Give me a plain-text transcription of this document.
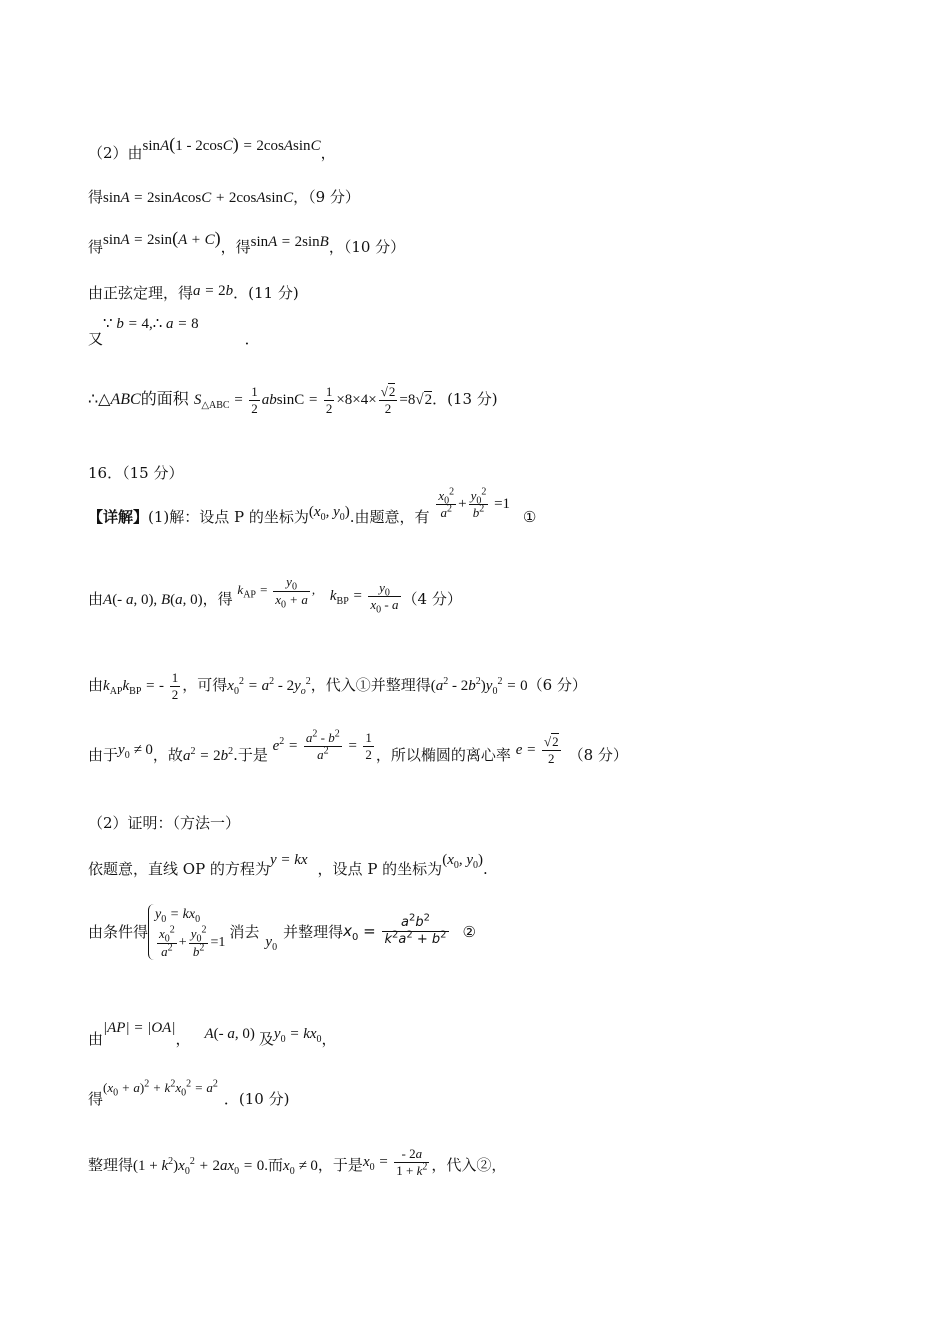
（2）由sinA(1 - 2cosC) = 2cosAsinC，
得sinA = 2sinAcosC + 2cosAsinC，（9 分）
得sinA = 2sin(A + C)，得sinA = 2sinB，（10 分）
由正弦定理，得a = 2b．(11 分)
又∵ b = 4,∴ a = 8．
∴△ABC的面积 $S_{\triangle ABC} = \frac{1}{2}$ $absinC = \frac{1}{2} \times 8\times 4\times \frac{√2}{2} =8√2$．(13 分)
16．（15 分）
【详解】(1)解：设点 P 的坐标为($x_0$, $y_0$).由题意，有 $\frac{x_0^2}{a^2} + \frac{y_0^2}{b^2} =1$ ①
由A(- a, 0), B(a, 0)，得 $k_{AP} = \frac{y_0}{x_0 + a}$ , $k_{BP} = \frac{y_0}{x_0 - a} (4$ 分）
由$k_{AP}k_{BP}$ = - $\frac{1}{2}$ ，可得$x_0^2 = a^2 - 2y_o^2$，代入①并整理得$(a^2 - 2b^2)y_0^2 = 0(6$ 分）
由于$y_0 \ne 0$，故$a^2 = 2b^2$.于是 $e^2 = \frac{a^2 - b^2}{a^2} = \frac{1}{2}$ ，所以椭圆的离心率 $e = \frac{√2}{2} (8$ 分）
（2）证明：（方法一）
依题意，直线 OP 的方程为y = kx ，设点 P 的坐标为($x_0$, $y_0$).
由条件得
$y_0 = kx_0$
$\frac{x_0^2}{a^2} + \frac{y_0^2}{b^2} =1$
消去$y_0$并整理得$x_0 = \frac{a^2b^2}{k^2a^2 + b^2}$ ②
由|AP| = |OA|， A(- a, 0) 及$y_0 = kx_0$，
得$(x_0 + a)^2 + k^2x_0^2 = a^2$．(10 分)
整理得$(1 + k^2)x_0^2 + 2ax_0 = 0$.而$x_0 \ne 0$，于是$x_0 = \frac{- 2a}{1 + k^2}$ ，代入②，
